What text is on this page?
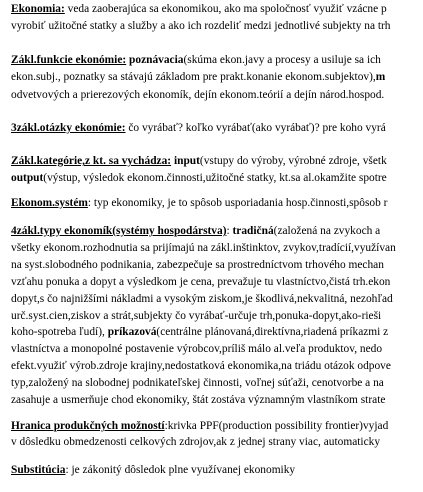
Ekonomia: veda zaoberajúca sa ekonomikou, ako ma spoločnosť využiť vzácne p
vyrobiť užitočné statky a služby a ako ich rozdeliť medzi jednotlivé subjekty na trh
Zákl.funkcie ekonómie: poznávacia(skúma ekon.javy a procesy a usiluje sa ich
ekon.subj., poznatky sa stávajú základom pre prakt.konanie ekonom.subjektov),m
odvetvových a prierezových ekonomík, dejín ekonom.teórií a dejín národ.hospod.
3zákl.otázky ekonómie: čo vyrábať? koľko vyrábať(ako vyrábať)? pre koho vyrá
Zákl.kategórie,z kt. sa vychádza: input(vstupy do výroby, výrobné zdroje, všetk
output(výstup, výsledok ekonom.činnosti,užitočné statky, kt.sa al.okamžite spotre
Ekonom.systém: typ ekonomiky, je to spôsob usporiadania hosp.činnosti,spôsob r
4zákl.typy ekonomík(systémy hospodárstva): tradičná(založená na zvykoch a
všetky ekonom.rozhodnutia sa prijímajú na zákl.inštinktov, zvykov,tradícií,využívan
na syst.slobodného podnikania, zabezpečuje sa prostredníctvom trhového mechan
vzťahu ponuka a dopyt a výsledkom je cena, prevažuje tu vlastníctvo,čistá trh.ekon
dopyt,s čo najnižšími nákladmi a vysokým ziskom,je škodlivá,nekvalitná, nezohľad
urč.syst.cien,ziskov a strát,subjekty čo vyrábať-určuje trh,ponuka-dopyt,ako-rieši
koho-spotreba ľudí), príkazová(centrálne plánovaná,direktívna,riadená príkazmi z
vlastníctva a monopolné postavenie výrobcov,príliš málo al.veľa produktov, nedo
efekt.využiť výrob.zdroje krajiny,nedostatková ekonomika,na triádu otázok odpove
typ,založený na slobodnej podnikateľskej činnosti, voľnej súťaži, cenotvorbe a na
zasahuje a usmerňuje chod ekonomiky, štát zostáva významným vlastníkom strate
Hranica produkčných možností:krivka PPF(production possibility frontier)vyjad
v dôsledku obmedzenosti celkových zdrojov,ak z jednej strany viac, automaticky
Substitúcia: je zákonitý dôsledok plne využívanej ekonomiky
